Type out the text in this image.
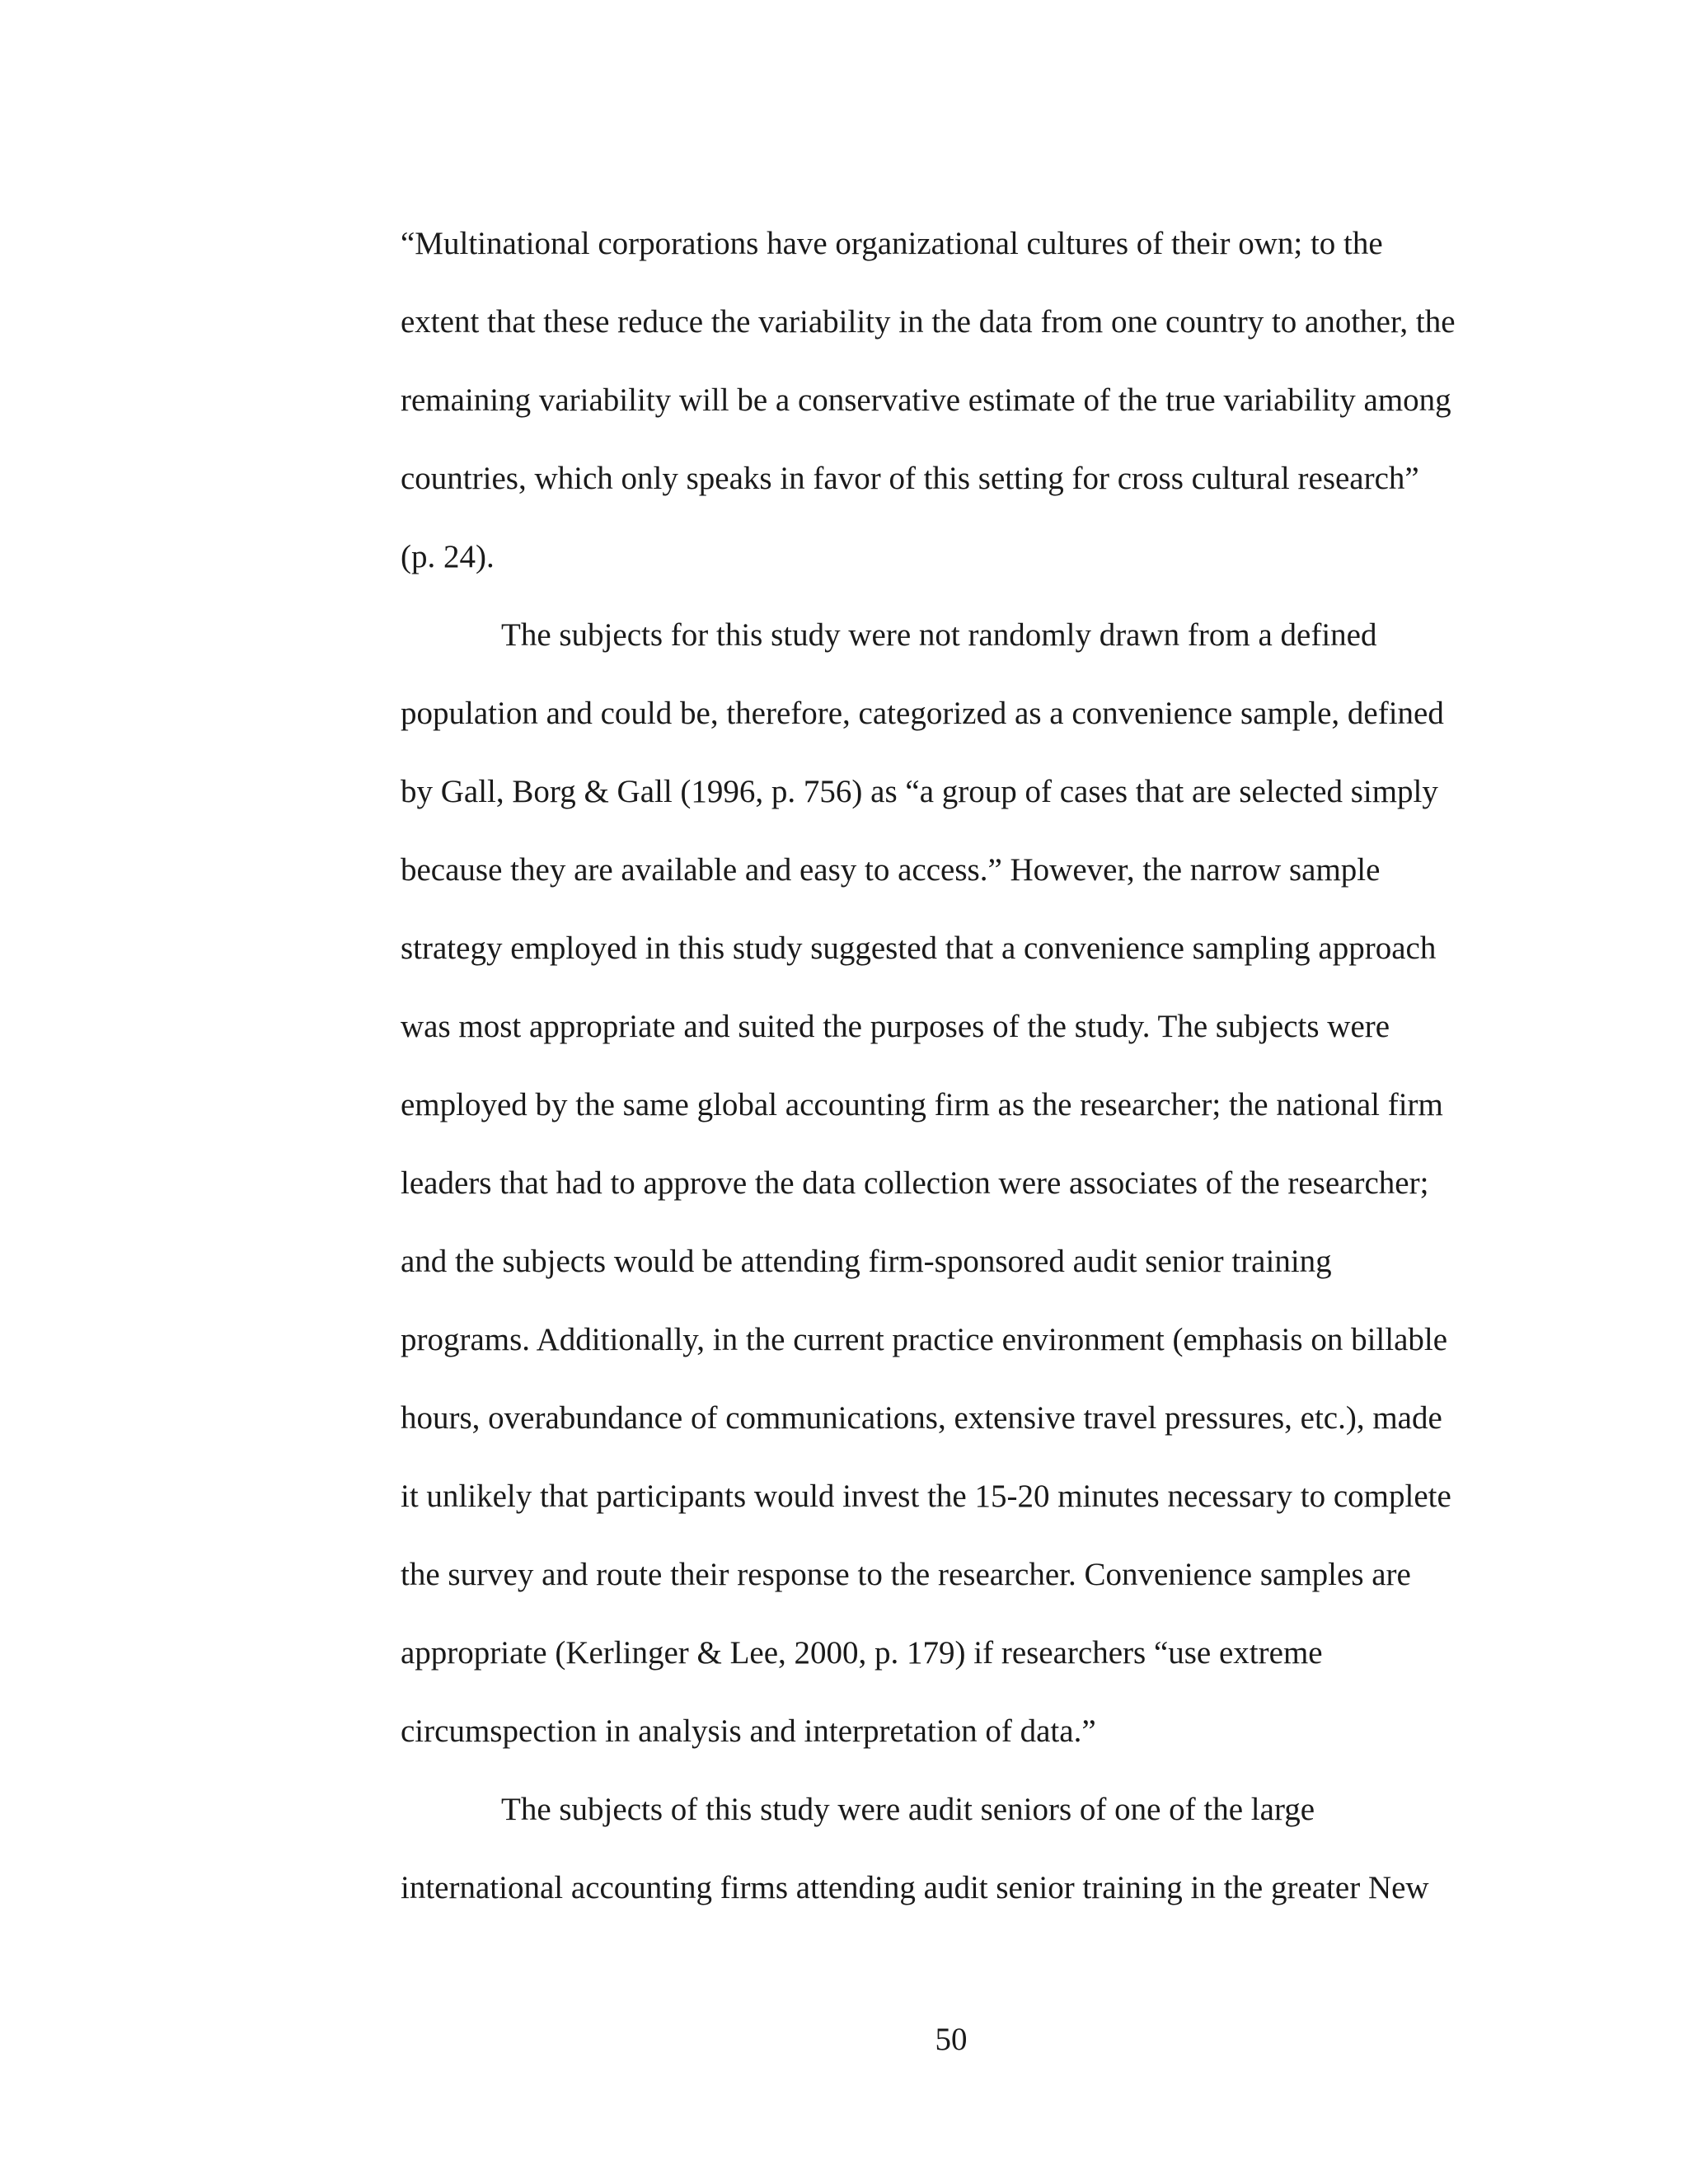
“Multinational corporations have organizational cultures of their own; to the
extent that these reduce the variability in the data from one country to another, the
remaining variability will be a conservative estimate of the true variability among
countries, which only speaks in favor of this setting for cross cultural research”
(p. 24).
The subjects for this study were not randomly drawn from a defined
population and could be, therefore, categorized as a convenience sample, defined
by Gall, Borg & Gall (1996, p. 756) as “a group of cases that are selected simply
because they are available and easy to access.” However, the narrow sample
strategy employed in this study suggested that a convenience sampling approach
was most appropriate and suited the purposes of the study. The subjects were
employed by the same global accounting firm as the researcher; the national firm
leaders that had to approve the data collection were associates of the researcher;
and the subjects would be attending firm-sponsored audit senior training
programs. Additionally, in the current practice environment (emphasis on billable
hours, overabundance of communications, extensive travel pressures, etc.), made
it unlikely that participants would invest the 15-20 minutes necessary to complete
the survey and route their response to the researcher. Convenience samples are
appropriate (Kerlinger & Lee, 2000, p. 179) if researchers “use extreme
circumspection in analysis and interpretation of data.”
The subjects of this study were audit seniors of one of the large
international accounting firms attending audit senior training in the greater New
50
